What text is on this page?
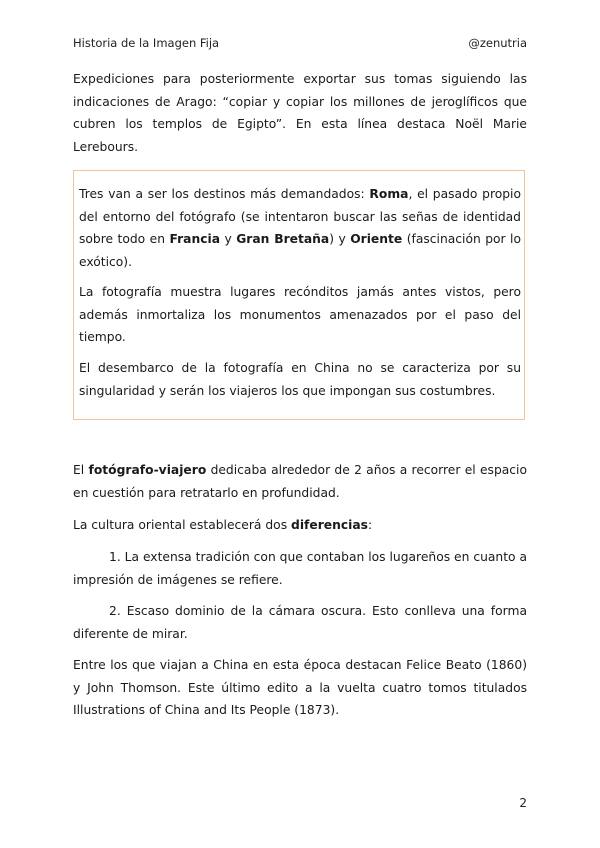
Historia de la Imagen Fija	@zenutria

Expediciones para posteriormente exportar sus tomas siguiendo las indicaciones de Arago: “copiar y copiar los millones de jeroglíficos que cubren los templos de Egipto”. En esta línea destaca Noël Marie Lerebours.

Tres van a ser los destinos más demandados: Roma, el pasado propio del entorno del fotógrafo (se intentaron buscar las señas de identidad sobre todo en Francia y Gran Bretaña) y Oriente (fascinación por lo exótico).

La fotografía muestra lugares recónditos jamás antes vistos, pero además inmortaliza los monumentos amenazados por el paso del tiempo.

El desembarco de la fotografía en China no se caracteriza por su singularidad y serán los viajeros los que impongan sus costumbres.

El fotógrafo-viajero dedicaba alrededor de 2 años a recorrer el espacio en cuestión para retratarlo en profundidad.

La cultura oriental establecerá dos diferencias:

1. La extensa tradición con que contaban los lugareños en cuanto a impresión de imágenes se refiere.

2. Escaso dominio de la cámara oscura. Esto conlleva una forma diferente de mirar.

Entre los que viajan a China en esta época destacan Felice Beato (1860) y John Thomson. Este último edito a la vuelta cuatro tomos titulados Illustrations of China and Its People (1873).

2
